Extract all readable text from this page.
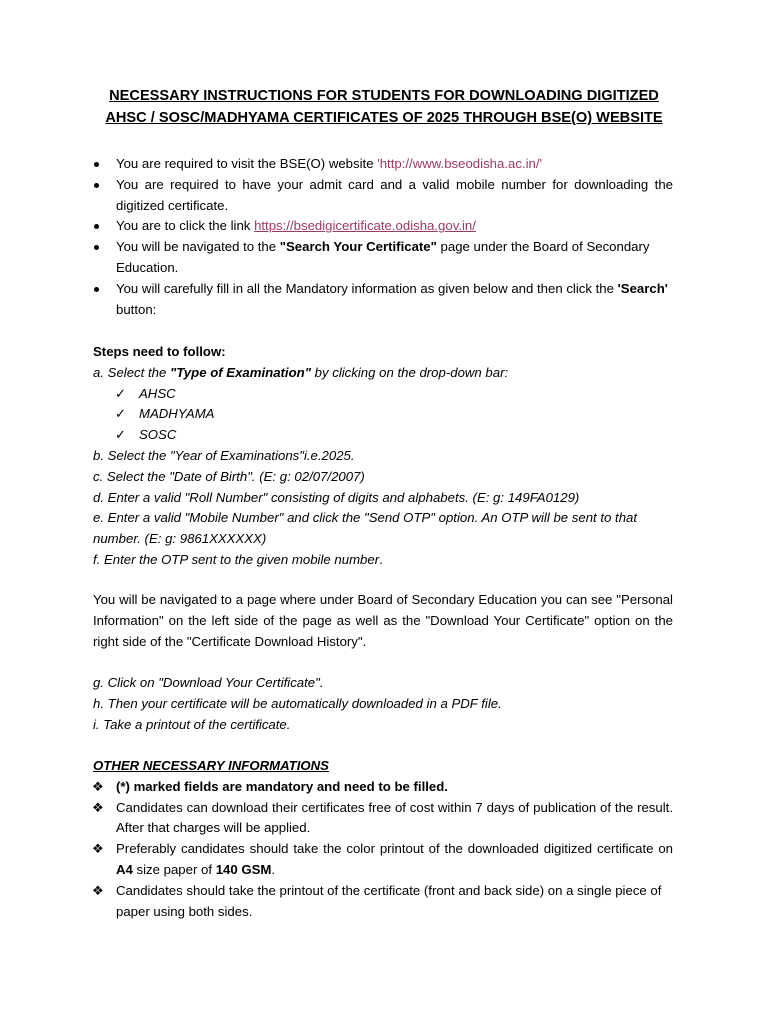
NECESSARY INSTRUCTIONS FOR STUDENTS FOR DOWNLOADING DIGITIZED
AHSC / SOSC/MADHYAMA CERTIFICATES OF 2025 THROUGH BSE(O) WEBSITE
You are required to visit the BSE(O) website 'http://www.bseodisha.ac.in/'
You are required to have your admit card and a valid mobile number for downloading the digitized certificate.
You are to click the link https://bsedigicertificate.odisha.gov.in/
You will be navigated to the "Search Your Certificate" page under the Board of Secondary Education.
You will carefully fill in all the Mandatory information as given below and then click the 'Search' button:
Steps need to follow:
a. Select the "Type of Examination" by clicking on the drop-down bar:
✓ AHSC
✓ MADHYAMA
✓ SOSC
b. Select the "Year of Examinations"i.e.2025.
c. Select the "Date of Birth". (E: g: 02/07/2007)
d. Enter a valid "Roll Number" consisting of digits and alphabets. (E: g: 149FA0129)
e. Enter a valid "Mobile Number" and click the "Send OTP" option. An OTP will be sent to that number. (E: g: 9861XXXXXX)
f. Enter the OTP sent to the given mobile number.
You will be navigated to a page where under Board of Secondary Education you can see "Personal Information" on the left side of the page as well as the "Download Your Certificate" option on the right side of the "Certificate Download History".
g. Click on "Download Your Certificate".
h. Then your certificate will be automatically downloaded in a PDF file.
i. Take a printout of the certificate.
OTHER NECESSARY INFORMATIONS
❖ (*) marked fields are mandatory and need to be filled.
❖ Candidates can download their certificates free of cost within 7 days of publication of the result. After that charges will be applied.
❖ Preferably candidates should take the color printout of the downloaded digitized certificate on A4 size paper of 140 GSM.
❖ Candidates should take the printout of the certificate (front and back side) on a single piece of paper using both sides.
